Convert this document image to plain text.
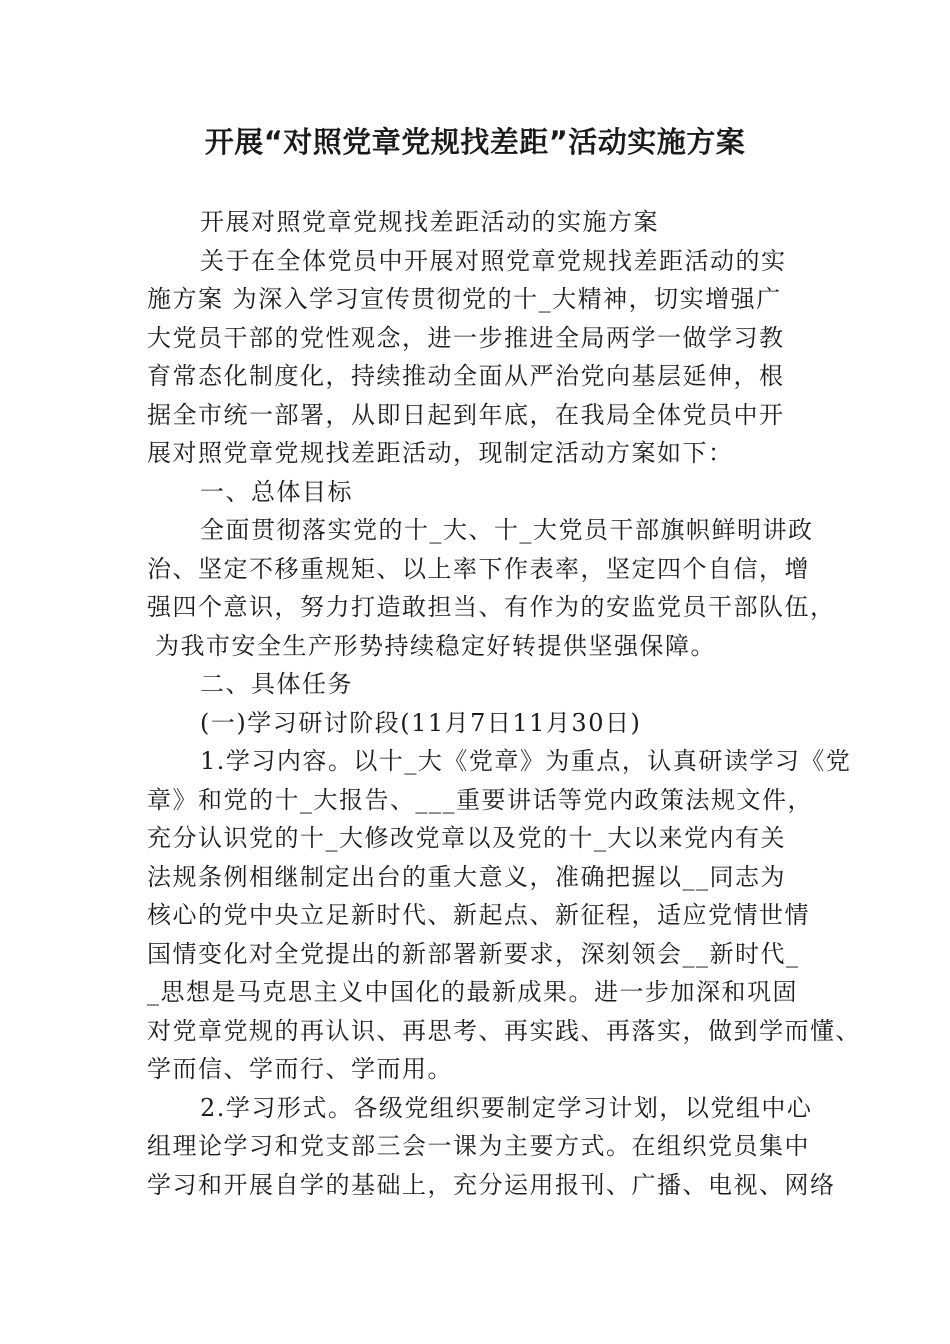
开展“对照党章党规找差距”活动实施方案
开展对照党章党规找差距活动的实施方案
关于在全体党员中开展对照党章党规找差距活动的实
施方案 为深入学习宣传贯彻党的十_大精神，切实增强广
大党员干部的党性观念，进一步推进全局两学一做学习教
育常态化制度化，持续推动全面从严治党向基层延伸，根
据全市统一部署，从即日起到年底，在我局全体党员中开
展对照党章党规找差距活动，现制定活动方案如下：
一、总体目标
全面贯彻落实党的十_大、十_大党员干部旗帜鲜明讲政
治、坚定不移重规矩、以上率下作表率，坚定四个自信，增
强四个意识，努力打造敢担当、有作为的安监党员干部队伍，
为我市安全生产形势持续稳定好转提供坚强保障。
二、具体任务
(一)学习研讨阶段(11月7日11月30日)
1.学习内容。以十_大《党章》为重点，认真研读学习《党
章》和党的十_大报告、___重要讲话等党内政策法规文件，
充分认识党的十_大修改党章以及党的十_大以来党内有关
法规条例相继制定出台的重大意义，准确把握以__同志为
核心的党中央立足新时代、新起点、新征程，适应党情世情
国情变化对全党提出的新部署新要求，深刻领会__新时代_
_思想是马克思主义中国化的最新成果。进一步加深和巩固
对党章党规的再认识、再思考、再实践、再落实，做到学而懂、
学而信、学而行、学而用。
2.学习形式。各级党组织要制定学习计划，以党组中心
组理论学习和党支部三会一课为主要方式。在组织党员集中
学习和开展自学的基础上，充分运用报刊、广播、电视、网络
